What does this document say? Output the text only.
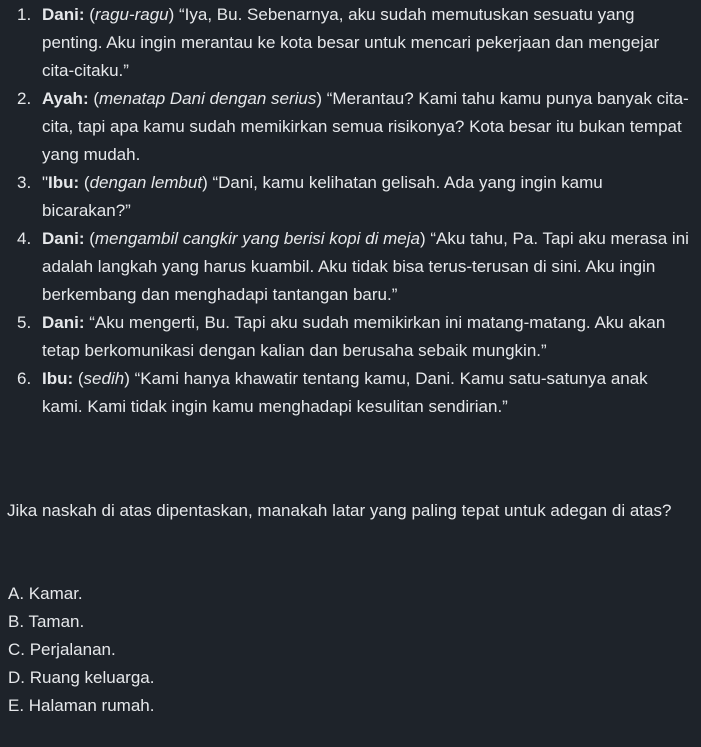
1. Dani: (ragu-ragu) “Iya, Bu. Sebenarnya, aku sudah memutuskan sesuatu yang penting. Aku ingin merantau ke kota besar untuk mencari pekerjaan dan mengejar cita-citaku.”
2. Ayah: (menatap Dani dengan serius) “Merantau? Kami tahu kamu punya banyak cita-cita, tapi apa kamu sudah memikirkan semua risikonya? Kota besar itu bukan tempat yang mudah.
3. "Ibu: (dengan lembut) “Dani, kamu kelihatan gelisah. Ada yang ingin kamu bicarakan?”
4. Dani: (mengambil cangkir yang berisi kopi di meja) “Aku tahu, Pa. Tapi aku merasa ini adalah langkah yang harus kuambil. Aku tidak bisa terus-terusan di sini. Aku ingin berkembang dan menghadapi tantangan baru.”
5. Dani: “Aku mengerti, Bu. Tapi aku sudah memikirkan ini matang-matang. Aku akan tetap berkomunikasi dengan kalian dan berusaha sebaik mungkin.”
6. Ibu: (sedih) “Kami hanya khawatir tentang kamu, Dani. Kamu satu-satunya anak kami. Kami tidak ingin kamu menghadapi kesulitan sendirian.”

Jika naskah di atas dipentaskan, manakah latar yang paling tepat untuk adegan di atas?

A. Kamar.
B. Taman.
C. Perjalanan.
D. Ruang keluarga.
E. Halaman rumah.
